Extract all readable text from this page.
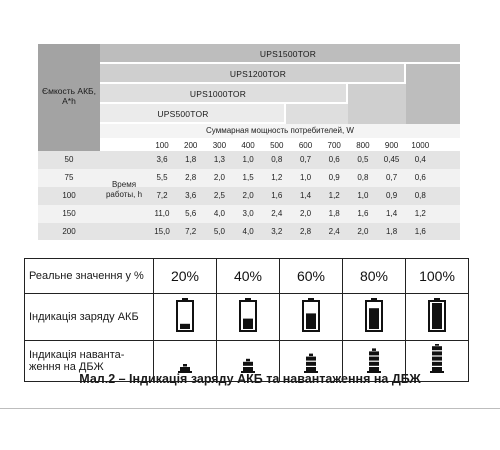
Ємкость АКБ, А*h
UPS1500TOR
UPS1200TOR
UPS1000TOR
UPS500TOR
Суммарная мощность потребителей, W
100	200	300	400	500	600	700	800	900	1000
Время работы, h
50	3,6	1,8	1,3	1,0	0,8	0,7	0,6	0,5	0,45	0,4
75	5,5	2,8	2,0	1,5	1,2	1,0	0,9	0,8	0,7	0,6
100	7,2	3,6	2,5	2,0	1,6	1,4	1,2	1,0	0,9	0,8
150	11,0	5,6	4,0	3,0	2,4	2,0	1,8	1,6	1,4	1,2
200	15,0	7,2	5,0	4,0	3,2	2,8	2,4	2,0	1,8	1,6
Реальне значення у %	20%	40%	60%	80%	100%
Індикація заряду АКБ					
Індикація наванта-ження на ДБЖ					
Мал.2 – Індикація заряду АКБ та навантаження на ДБЖ
